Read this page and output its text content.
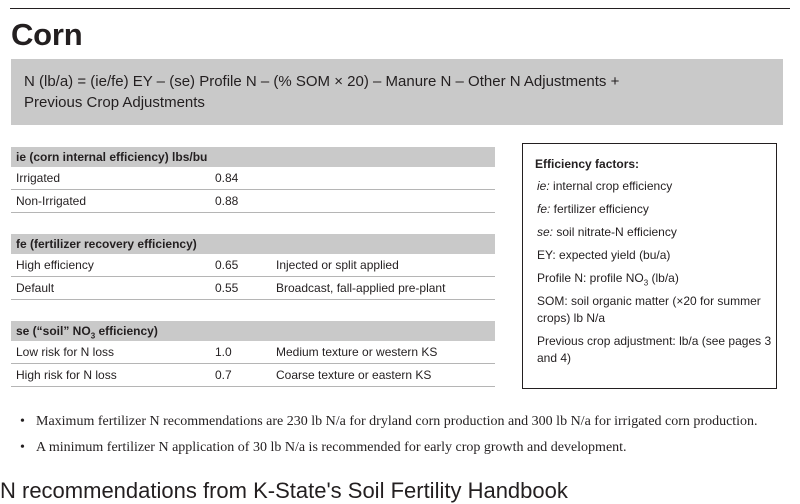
Corn
N (lb/a) = (ie/fe) EY – (se) Profile N – (% SOM × 20) – Manure N – Other N Adjustments +
Previous Crop Adjustments
ie (corn internal efficiency) lbs/bu
Irrigated	0.84
Non-Irrigated	0.88
fe (fertilizer recovery efficiency)
High efficiency	0.65	Injected or split applied
Default	0.55	Broadcast, fall-applied pre-plant
se (“soil” $NO_3$ efficiency)
Low risk for N loss	1.0	Medium texture or western KS
High risk for N loss	0.7	Coarse texture or eastern KS
Efficiency factors:
ie: internal crop efficiency
fe: fertilizer efficiency
se: soil nitrate-N efficiency
EY: expected yield (bu/a)
Profile N: profile $NO_3$ (lb/a)
SOM: soil organic matter (×20 for summer crops) lb N/a
Previous crop adjustment: lb/a (see pages 3 and 4)
• Maximum fertilizer N recommendations are 230 lb N/a for dryland corn production and 300 lb N/a for irrigated corn production.
• A minimum fertilizer N application of 30 lb N/a is recommended for early crop growth and development.
N recommendations from K-State's Soil Fertility Handbook
